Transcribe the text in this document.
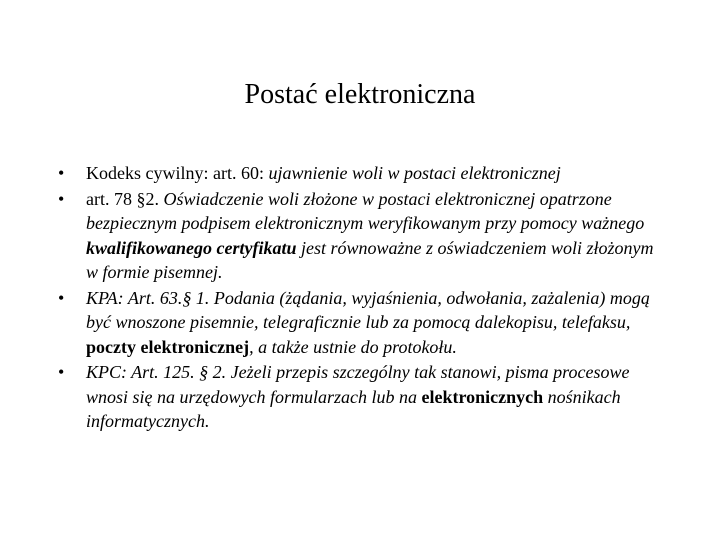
Postać elektroniczna
• Kodeks cywilny: art. 60: ujawnienie woli w postaci elektronicznej
• art. 78 §2. Oświadczenie woli złożone w postaci elektronicznej opatrzone bezpiecznym podpisem elektronicznym weryfikowanym przy pomocy ważnego kwalifikowanego certyfikatu jest równoważne z oświadczeniem woli złożonym w formie pisemnej.
• KPA: Art. 63.§ 1. Podania (żądania, wyjaśnienia, odwołania, zażalenia) mogą być wnoszone pisemnie, telegraficznie lub za pomocą dalekopisu, telefaksu, poczty elektronicznej, a także ustnie do protokołu.
• KPC: Art. 125. § 2. Jeżeli przepis szczególny tak stanowi, pisma procesowe wnosi się na urzędowych formularzach lub na elektronicznych nośnikach informatycznych.
